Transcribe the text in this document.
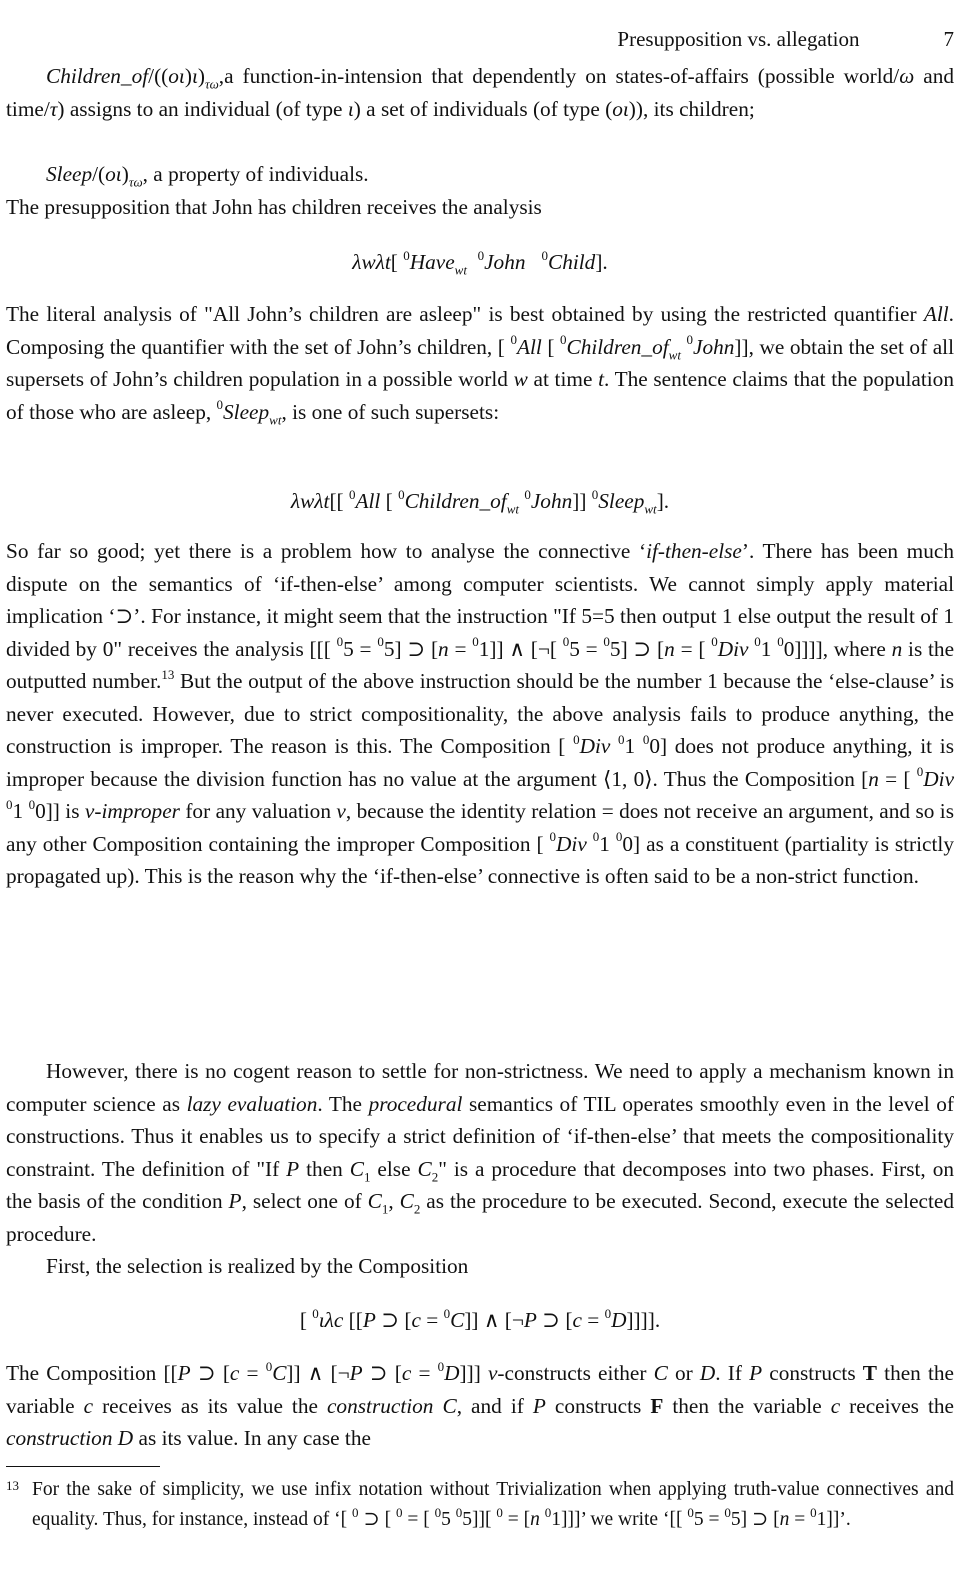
Presupposition vs. allegation	7

$Children\_of/((o\iota)\iota)_{\tau\omega},a$ function-in-intension that dependently on states-of-affairs (possible world/ω and time/τ) assigns to an individual (of type ι) a set of individuals (of type (οι)), its children;

Sleep/$(o\iota)_{\tau\omega}$, a property of individuals.

The presupposition that John has children receives the analysis

λwλt[ $^0$Have$_{wt}$  $^0$John $^0$Child].

The literal analysis of "All John’s children are asleep" is best obtained by using the restricted quantifier All. Composing the quantifier with the set of John’s children, [ $^0$All [ $^0Children\_of_{wt}$ $^0$John]], we obtain the set of all supersets of John’s children population in a possible world w at time t. The sentence claims that the population of those who are asleep, $^0$Sleep$_{wt}$, is one of such supersets:

λwλt[[ $^0$All [ $^0Children\_of_{wt}$ $^0$John]] $^0$Sleep$_{wt}$].

So far so good; yet there is a problem how to analyse the connective ‘if-then-else’. There has been much dispute on the semantics of ‘if-then-else’ among computer scientists. We cannot simply apply material implication ‘⊃’. For instance, it might seem that the instruction "If 5=5 then output 1 else output the result of 1 divided by 0" receives the analysis [[[ $^0$5 = $^0$5] ⊃ [n = $^0$1]] ∧ [¬[ $^0$5 = $^0$5] ⊃ [n = [ $^0$Div $^0$1 $^0$0]]]], where n is the outputted number.$^{13}$ But the output of the above instruction should be the number 1 because the ‘else-clause’ is never executed. However, due to strict compositionality, the above analysis fails to produce anything, the construction is improper. The reason is this. The Composition [ $^0$Div $^0$1 $^0$0] does not produce anything, it is improper because the division function has no value at the argument ⟨1, 0⟩. Thus the Composition [n = [ $^0$Div $^0$1 $^0$0]] is v-improper for any valuation v, because the identity relation = does not receive an argument, and so is any other Composition containing the improper Composition [ $^0$Div $^0$1 $^0$0] as a constituent (partiality is strictly propagated up). This is the reason why the ‘if-then-else’ connective is often said to be a non-strict function.

However, there is no cogent reason to settle for non-strictness. We need to apply a mechanism known in computer science as lazy evaluation. The procedural semantics of TIL operates smoothly even in the level of constructions. Thus it enables us to specify a strict definition of ‘if-then-else’ that meets the compositionality constraint. The definition of "If P then $C_1$ else $C_2$" is a procedure that decomposes into two phases. First, on the basis of the condition P, select one of $C_1$, $C_2$ as the procedure to be executed. Second, execute the selected procedure.

First, the selection is realized by the Composition

[ $^0$ιλc [[P ⊃ [c = $^0$C]] ∧ [¬P ⊃ [c = $^0$D]]]].

The Composition [[P ⊃ [c = $^0$C]] ∧ [¬P ⊃ [c = $^0$D]]] v-constructs either C or D. If P constructs T then the variable c receives as its value the construction C, and if P constructs F then the variable c receives the construction D as its value. In any case the

13 For the sake of simplicity, we use infix notation without Trivialization when applying truth-value connectives and equality. Thus, for instance, instead of ‘[ $^0$ ⊃ [ $^0$ = [ $^0$5 $^0$5]][ $^0$ = [n $^0$1]]]’ we write ‘[[ $^0$5 = $^0$5] ⊃ [n = $^0$1]]’.
